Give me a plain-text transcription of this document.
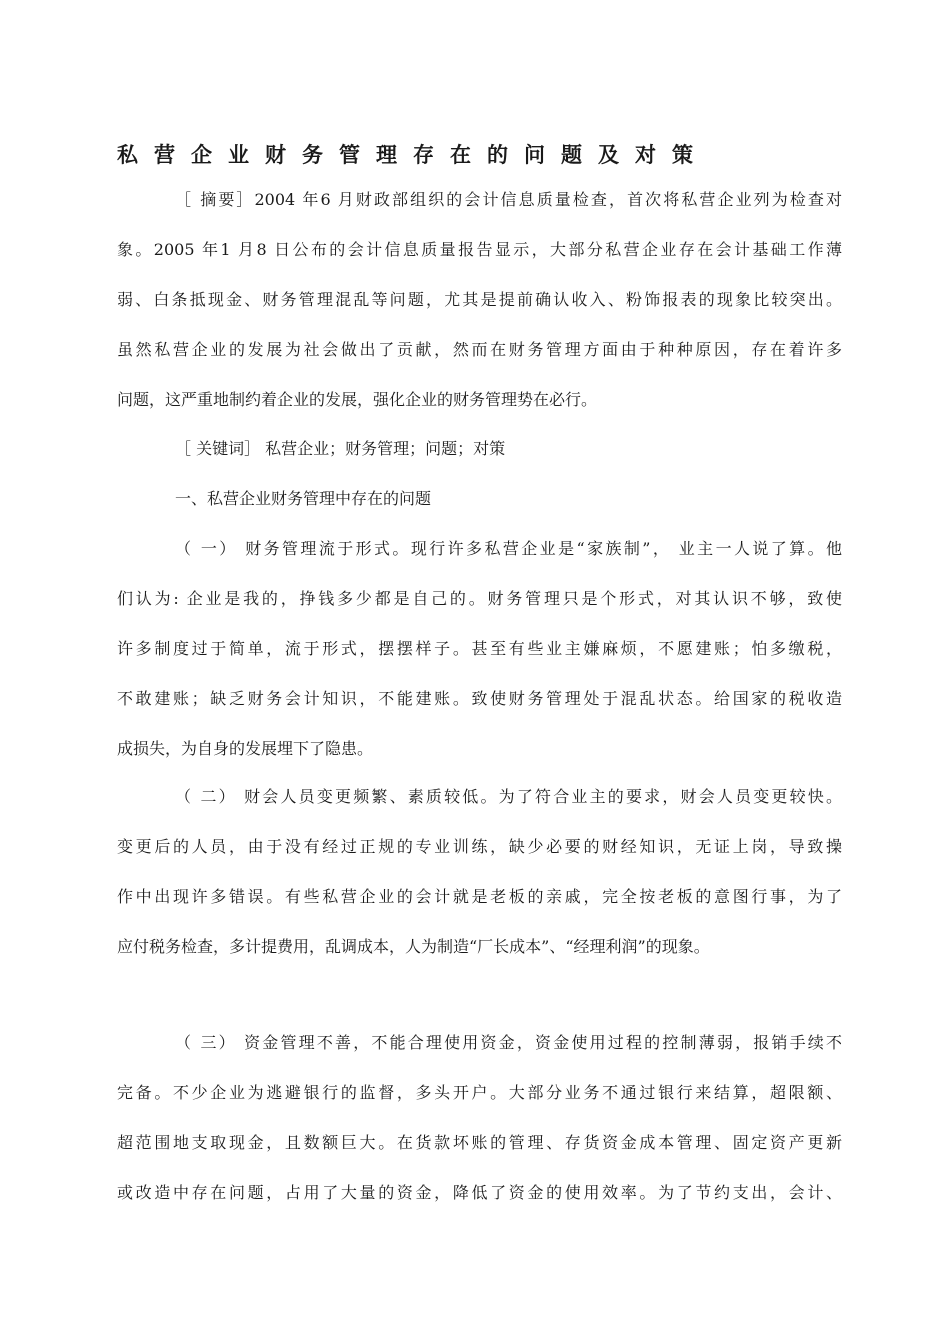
私营企业财务管理存在的问题及对策
［ 摘要］2004 年6 月财政部组织的会计信息质量检查，首次将私营企业列为检查对
象。2005 年1 月8 日公布的会计信息质量报告显示，大部分私营企业存在会计基础工作薄
弱、白条抵现金、财务管理混乱等问题，尤其是提前确认收入、粉饰报表的现象比较突出。
虽然私营企业的发展为社会做出了贡献，然而在财务管理方面由于种种原因，存在着许多
问题，这严重地制约着企业的发展，强化企业的财务管理势在必行。
［ 关键词］ 私营企业；财务管理；问题；对策
一、私营企业财务管理中存在的问题
（ 一） 财务管理流于形式。现行许多私营企业是“家族制”， 业主一人说了算。他
们认为: 企业是我的，挣钱多少都是自己的。财务管理只是个形式，对其认识不够，致使
许多制度过于简单，流于形式，摆摆样子。甚至有些业主嫌麻烦，不愿建账；怕多缴税，
不敢建账；缺乏财务会计知识，不能建账。致使财务管理处于混乱状态。给国家的税收造
成损失，为自身的发展埋下了隐患。
（ 二） 财会人员变更频繁、素质较低。为了符合业主的要求，财会人员变更较快。
变更后的人员，由于没有经过正规的专业训练，缺少必要的财经知识，无证上岗，导致操
作中出现许多错误。有些私营企业的会计就是老板的亲戚，完全按老板的意图行事，为了
应付税务检查，多计提费用，乱调成本，人为制造“厂长成本”、“经理利润”的现象。
（ 三） 资金管理不善，不能合理使用资金，资金使用过程的控制薄弱，报销手续不
完备。不少企业为逃避银行的监督，多头开户。大部分业务不通过银行来结算，超限额、
超范围地支取现金，且数额巨大。在货款坏账的管理、存货资金成本管理、固定资产更新
或改造中存在问题，占用了大量的资金，降低了资金的使用效率。为了节约支出，会计、
